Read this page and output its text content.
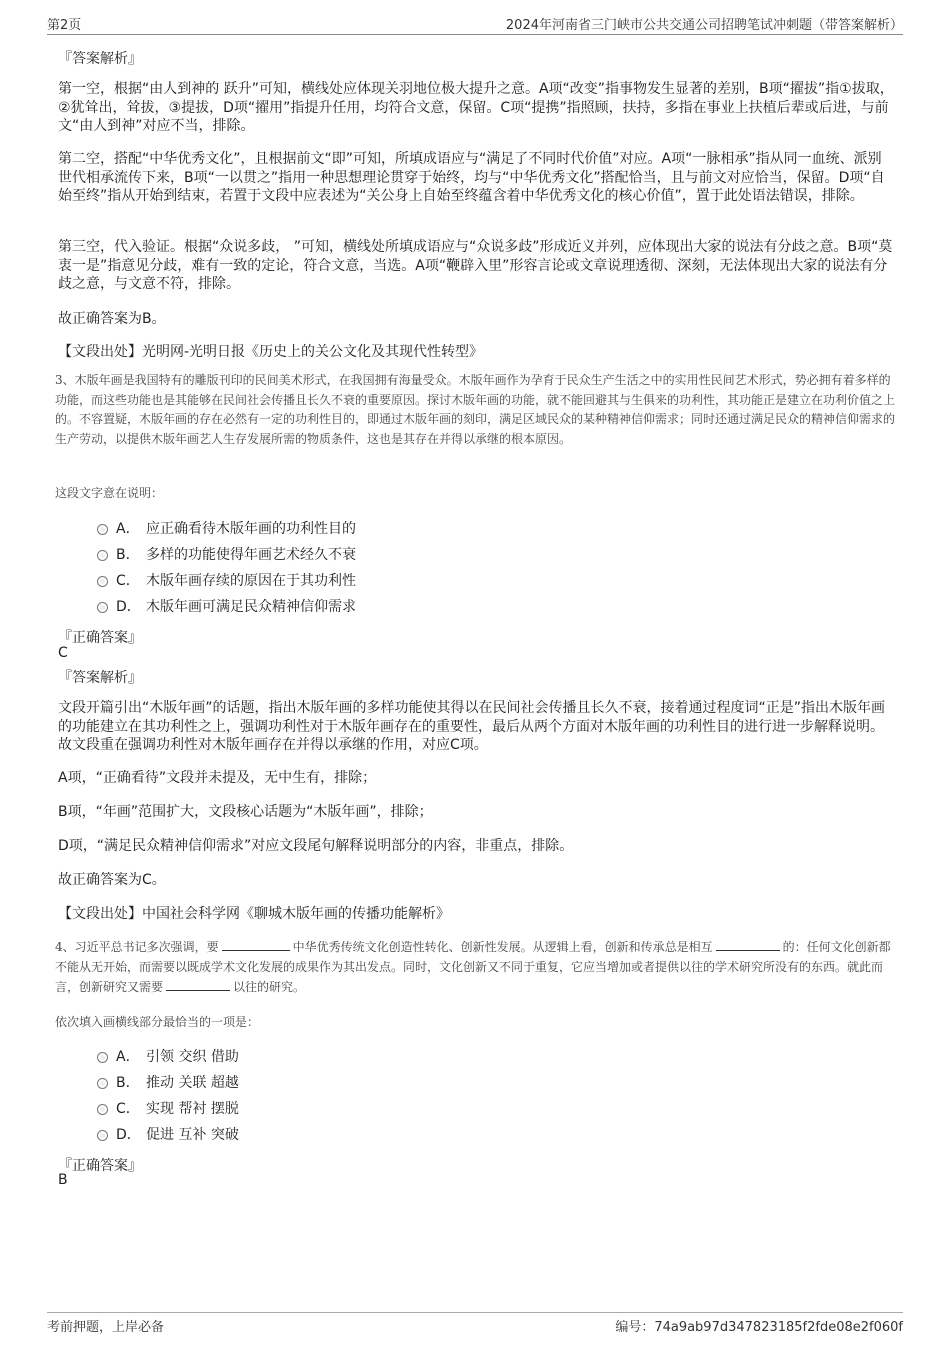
第2页	2024年河南省三门峡市公共交通公司招聘笔试冲刺题（带答案解析）
『答案解析』
第一空，根据“由人到神的 跃升”可知，横线处应体现关羽地位极大提升之意。A项“改变”指事物发生显著的差别，B项“擢拔”指①拔取，②犹耸出，耸拔，③提拔，D项“擢用”指提升任用，均符合文意，保留。C项“提携”指照顾，扶持，多指在事业上扶植后辈或后进，与前文“由人到神”对应不当，排除。
第二空，搭配“中华优秀文化”，且根据前文“即”可知，所填成语应与“满足了不同时代价值”对应。A项“一脉相承”指从同一血统、派别世代相承流传下来，B项“一以贯之”指用一种思想理论贯穿于始终，均与“中华优秀文化”搭配恰当，且与前文对应恰当，保留。D项“自始至终”指从开始到结束，若置于文段中应表述为“关公身上自始至终蕴含着中华优秀文化的核心价值”，置于此处语法错误，排除。
第三空，代入验证。根据“众说多歧， ”可知，横线处所填成语应与“众说多歧”形成近义并列，应体现出大家的说法有分歧之意。B项“莫衷一是”指意见分歧，难有一致的定论，符合文意，当选。A项“鞭辟入里”形容言论或文章说理透彻、深刻，无法体现出大家的说法有分歧之意，与文意不符，排除。
故正确答案为B。
【文段出处】光明网-光明日报《历史上的关公文化及其现代性转型》
3、木版年画是我国特有的雕版刊印的民间美术形式，在我国拥有海量受众。木版年画作为孕育于民众生产生活之中的实用性民间艺术形式，势必拥有着多样的功能，而这些功能也是其能够在民间社会传播且长久不衰的重要原因。探讨木版年画的功能，就不能回避其与生俱来的功利性，其功能正是建立在功利价值之上的。不容置疑，木版年画的存在必然有一定的功利性目的，即通过木版年画的刻印，满足区域民众的某种精神信仰需求；同时还通过满足民众的精神信仰需求的生产劳动，以提供木版年画艺人生存发展所需的物质条件，这也是其存在并得以承继的根本原因。
这段文字意在说明：
A． 应正确看待木版年画的功利性目的
B． 多样的功能使得年画艺术经久不衰
C． 木版年画存续的原因在于其功利性
D． 木版年画可满足民众精神信仰需求
『正确答案』
C
『答案解析』
文段开篇引出“木版年画”的话题，指出木版年画的多样功能使其得以在民间社会传播且长久不衰，接着通过程度词“正是”指出木版年画的功能建立在其功利性之上，强调功利性对于木版年画存在的重要性，最后从两个方面对木版年画的功利性目的进行进一步解释说明。故文段重在强调功利性对木版年画存在并得以承继的作用，对应C项。
A项，“正确看待”文段并未提及，无中生有，排除；
B项，“年画”范围扩大，文段核心话题为“木版年画”，排除；
D项，“满足民众精神信仰需求”对应文段尾句解释说明部分的内容，非重点，排除。
故正确答案为C。
【文段出处】中国社会科学网《聊城木版年画的传播功能解析》
4、习近平总书记多次强调，要	中华优秀传统文化创造性转化、创新性发展。从逻辑上看，创新和传承总是相互	的：任何文化创新都不能从无开始，而需要以既成学术文化发展的成果作为其出发点。同时，文化创新又不同于重复，它应当增加或者提供以往的学术研究所没有的东西。就此而言，创新研究又需要	以往的研究。
依次填入画横线部分最恰当的一项是：
A． 引领 交织 借助
B． 推动 关联 超越
C． 实现 帮衬 摆脱
D． 促进 互补 突破
『正确答案』
B
考前押题，上岸必备	编号：74a9ab97d347823185f2fde08e2f060f
